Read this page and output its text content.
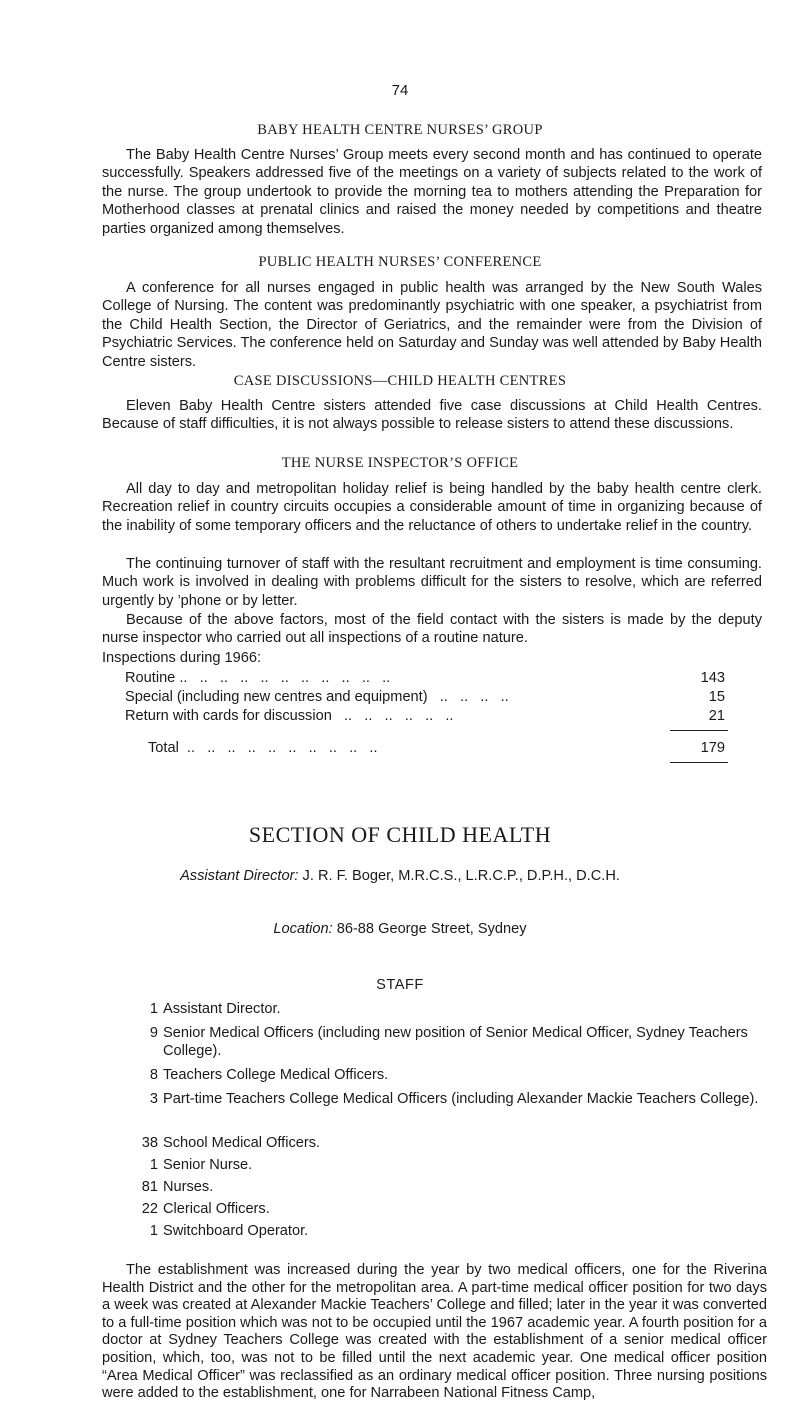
74
BABY HEALTH CENTRE NURSES’ GROUP

The Baby Health Centre Nurses’ Group meets every second month and has continued to operate successfully. Speakers addressed five of the meetings on a variety of subjects related to the work of the nurse. The group undertook to provide the morning tea to mothers attending the Preparation for Motherhood classes at prenatal clinics and raised the money needed by competitions and theatre parties organized among themselves.

PUBLIC HEALTH NURSES’ CONFERENCE

A conference for all nurses engaged in public health was arranged by the New South Wales College of Nursing. The content was predominantly psychiatric with one speaker, a psychiatrist from the Child Health Section, the Director of Geriatrics, and the remainder were from the Division of Psychiatric Services. The conference held on Saturday and Sunday was well attended by Baby Health Centre sisters.

CASE DISCUSSIONS—CHILD HEALTH CENTRES

Eleven Baby Health Centre sisters attended five case discussions at Child Health Centres. Because of staff difficulties, it is not always possible to release sisters to attend these discussions.

THE NURSE INSPECTOR’S OFFICE

All day to day and metropolitan holiday relief is being handled by the baby health centre clerk. Recreation relief in country circuits occupies a considerable amount of time in organizing because of the inability of some temporary officers and the reluctance of others to undertake relief in the country.

The continuing turnover of staff with the resultant recruitment and employment is time consuming. Much work is involved in dealing with problems difficult for the sisters to resolve, which are referred urgently by ’phone or by letter.

Because of the above factors, most of the field contact with the sisters is made by the deputy nurse inspector who carried out all inspections of a routine nature.

Inspections during 1966:
Routine ..   ..   ..   ..   ..   ..   ..   ..   ..   ..   ..	143
Special (including new centres and equipment)   ..   ..   ..   ..	15
Return with cards for discussion   ..   ..   ..   ..   ..   ..	21
Total  ..   ..   ..   ..   ..   ..   ..   ..   ..   ..	179
SECTION OF CHILD HEALTH
Assistant Director: J. R. F. Boger, M.R.C.S., L.R.C.P., D.P.H., D.C.H.
Location: 86-88 George Street, Sydney
STAFF
1 Assistant Director.
9 Senior Medical Officers (including new position of Senior Medical Officer, Sydney Teachers College).
8 Teachers College Medical Officers.
3 Part-time Teachers College Medical Officers (including Alexander Mackie Teachers College).
38 School Medical Officers.
1 Senior Nurse.
81 Nurses.
22 Clerical Officers.

The establishment was increased during the year by two medical officers, one for the Riverina Health District and the other for the metropolitan area. A part-time medical officer position for two days a week was created at Alexander Mackie Teachers’ College and filled; later in the year it was converted to a full-time position which was not to be occupied until the 1967 academic year. A fourth position for a doctor at Sydney Teachers College was created with the establishment of a senior medical officer position, which, too, was not to be filled until the next academic year. One medical officer position “Area Medical Officer” was reclassified as an ordinary medical officer position. Three nursing positions were added to the establishment, one for Narrabeen National Fitness Camp,

1 Switchboard Operator.
